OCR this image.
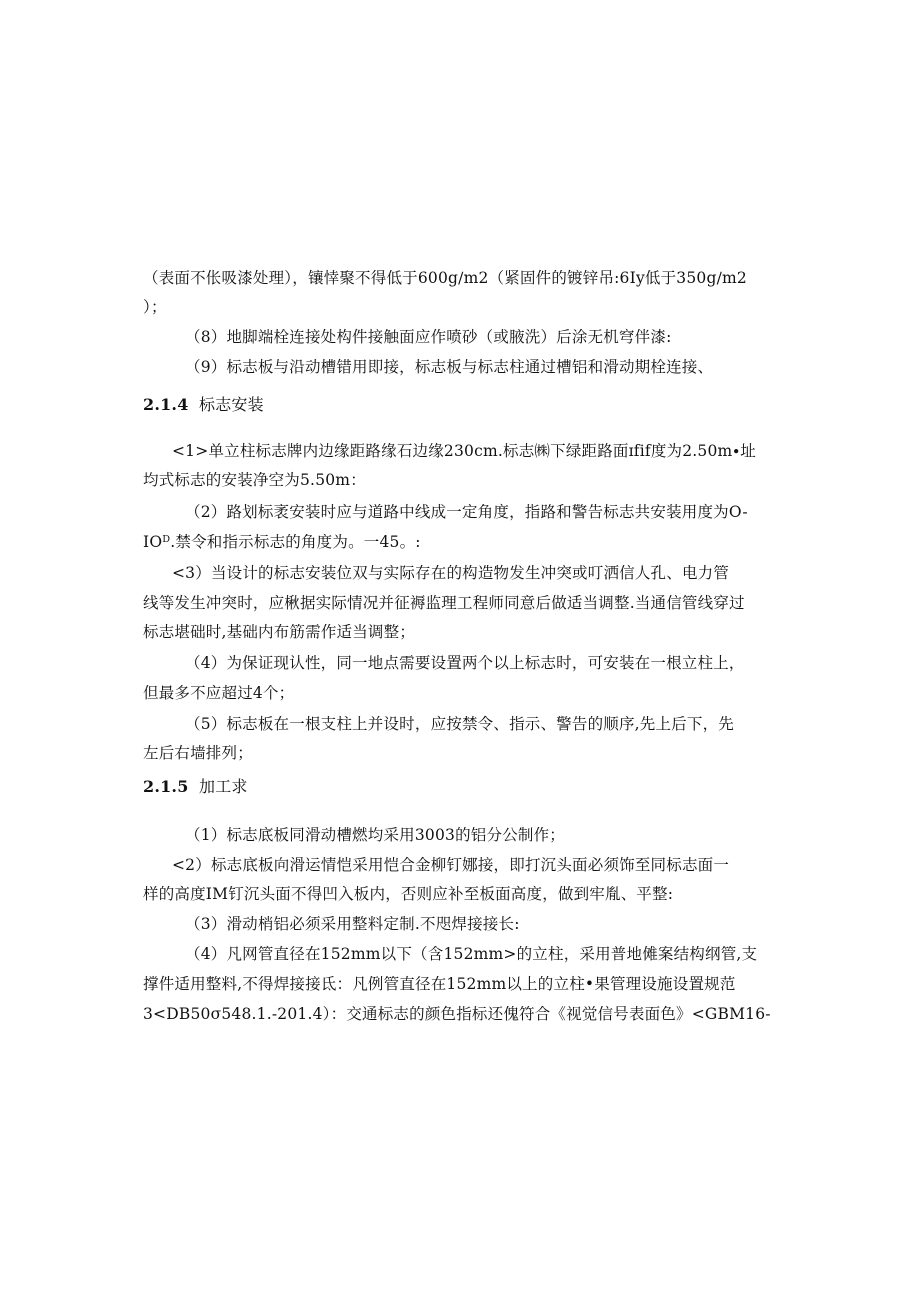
（表面不伥吸漆处理），镶悻聚不得低于600g∕m2（紧固件的镀锌吊:6Iy低于350g∕m2
）；
（8）地脚端栓连接处构件接触面应作喷砂（或腋洗）后涂无机穹伴漆:
（9）标志板与沿动槽错用即接，标志板与标志柱通过槽铝和滑动期栓连接、
2.1.4 标志安装
<1>单立柱标志牌内边缘距路缘石边缘230cm.标志㈱下绿距路面ɪfif度为2.50m∙址
均式标志的安装净空为5.50m：
（2）路划标袤安装时应与道路中线成一定角度，指路和警告标志共安装用度为O-
IOᴰ.禁令和指示标志的角度为。一45。:
<3）当设计的标志安装位双与实际存在的构造物发生冲突或叮洒信人孔、电力管
线等发生冲突时，应楸据实际情况并征褥监理工程师同意后做适当调整.当通信管线穿过
标志堪础时,基础内布筋需作适当调整；
（4）为保证现认性，同一地点需要设置两个以上标志时，可安装在一根立柱上，
但最多不应超过4个；
（5）标志板在一根支柱上并设时，应按禁令、指示、警告的顺序,先上后下，先
左后右墙排列；
2.1.5 加工求
（1）标志底板同滑动槽燃均采用3003的铝分公制作；
<2）标志底板向滑运情恺采用恺合金柳钉娜接，即打沉头面必须饰至同标志面一
样的高度IM钉沉头面不得凹入板内，否则应补至板面高度，做到牢胤、平整:
（3）滑动梢铝必须采用整料定制.不咫焊接接长:
（4）凡网管直径在152mm以下（含152mm>的立柱，采用普地傩案结构纲管,支
撑件适用整料,不得焊接接氐：凡例管直径在152mm以上的立柱•果管理设施设置规范
3<DB50σ548.1.-201.4）：交通标志的颜色指标还傀符合《视觉信号表面色》<GBM16-
